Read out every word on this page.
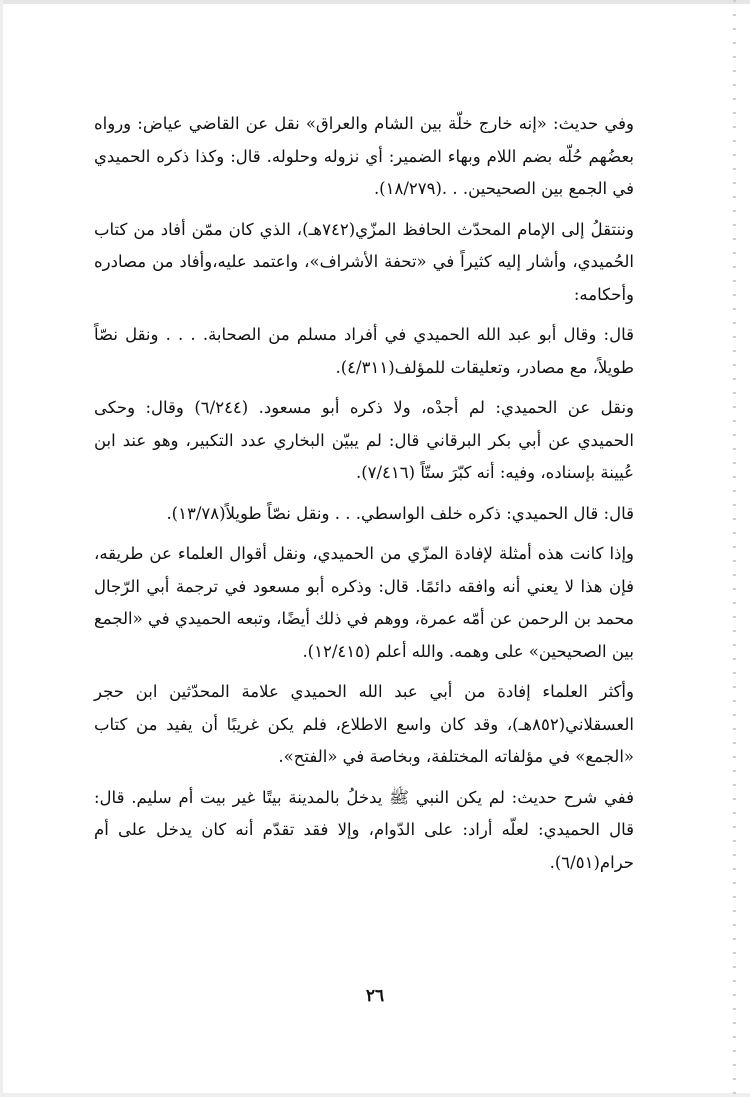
وفي حديث: «إنه خارج خلّة بين الشام والعراق» نقل عن القاضي عياض: ورواه بعضُهم حُلّه بضم اللام وبهاء الضمير: أي نزوله وحلوله. قال: وكذا ذكره الحميدي في الجمع بين الصحيحين. . .(١٨/٢٧٩).

وننتقلُ إلى الإمام المحدّث الحافظ المزّي(٧٤٢هـ)، الذي كان ممّن أفاد من كتاب الحُميدي، وأشار إليه كثيراً في «تحفة الأشراف»، واعتمد عليه،وأفاد من مصادره وأحكامه:

قال: وقال أبو عبد الله الحميدي في أفراد مسلم من الصحابة. . . . ونقل نصّاً طويلاً، مع مصادر، وتعليقات للمؤلف(٤/٣١١).

ونقل عن الحميدي: لم أجدْه، ولا ذكره أبو مسعود. (٦/٢٤٤) وقال: وحكى الحميدي عن أبي بكر البرقاني قال: لم يبيّن البخاري عدد التكبير، وهو عند ابن عُيينة بإسناده، وفيه: أنه كبّرَ ستّاً (٧/٤١٦).

قال: قال الحميدي: ذكره خلف الواسطي. . . ونقل نصّاً طويلاً(١٣/٧٨).

وإذا كانت هذه أمثلة لإفادة المزّي من الحميدي، ونقل أقوال العلماء عن طريقه، فإن هذا لا يعني أنه وافقه دائمًا. قال: وذكره أبو مسعود في ترجمة أبي الرّجال محمد بن الرحمن عن أمّه عمرة، ووهم في ذلك أيضًا، وتبعه الحميدي في «الجمع بين الصحيحين» على وهمه. والله أعلم (١٢/٤١٥).

وأكثر العلماء إفادة من أبي عبد الله الحميدي علامة المحدّثين ابن حجر العسقلاني(٨٥٢هـ)، وقد كان واسع الاطلاع، فلم يكن غريبًا أن يفيد من كتاب «الجمع» في مؤلفاته المختلفة، وبخاصة في «الفتح».

ففي شرح حديث: لم يكن النبي ﷺ يدخلُ بالمدينة بيتًا غير بيت أم سليم. قال: قال الحميدي: لعلّه أراد: على الدّوام، وإلا فقد تقدّم أنه كان يدخل على أم حرام(٦/٥١).

٢٦
